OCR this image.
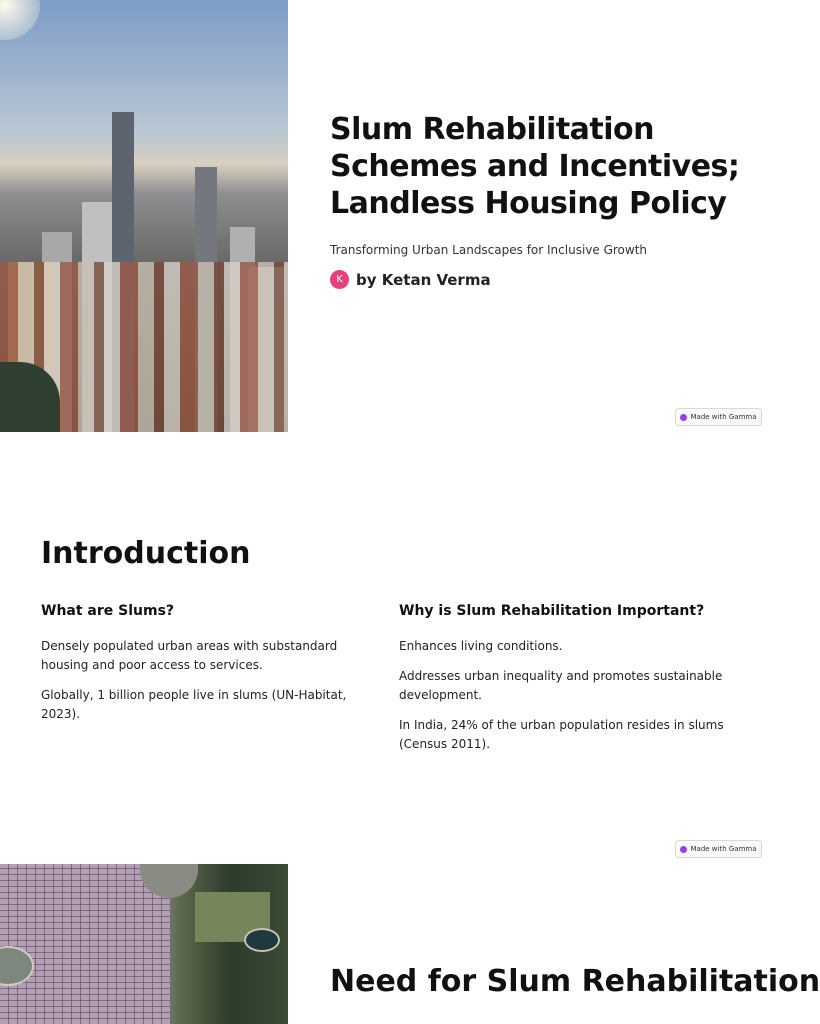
Slum Rehabilitation Schemes and Incentives; Landless Housing Policy
Transforming Urban Landscapes for Inclusive Growth
K by Ketan Verma
Made with Gamma
Introduction
What are Slums?

Densely populated urban areas with substandard housing and poor access to services.

Globally, 1 billion people live in slums (UN-Habitat, 2023).

Why is Slum Rehabilitation Important?

Enhances living conditions.

Addresses urban inequality and promotes sustainable development.

In India, 24% of the urban population resides in slums (Census 2011).

Made with Gamma
Need for Slum Rehabilitation
